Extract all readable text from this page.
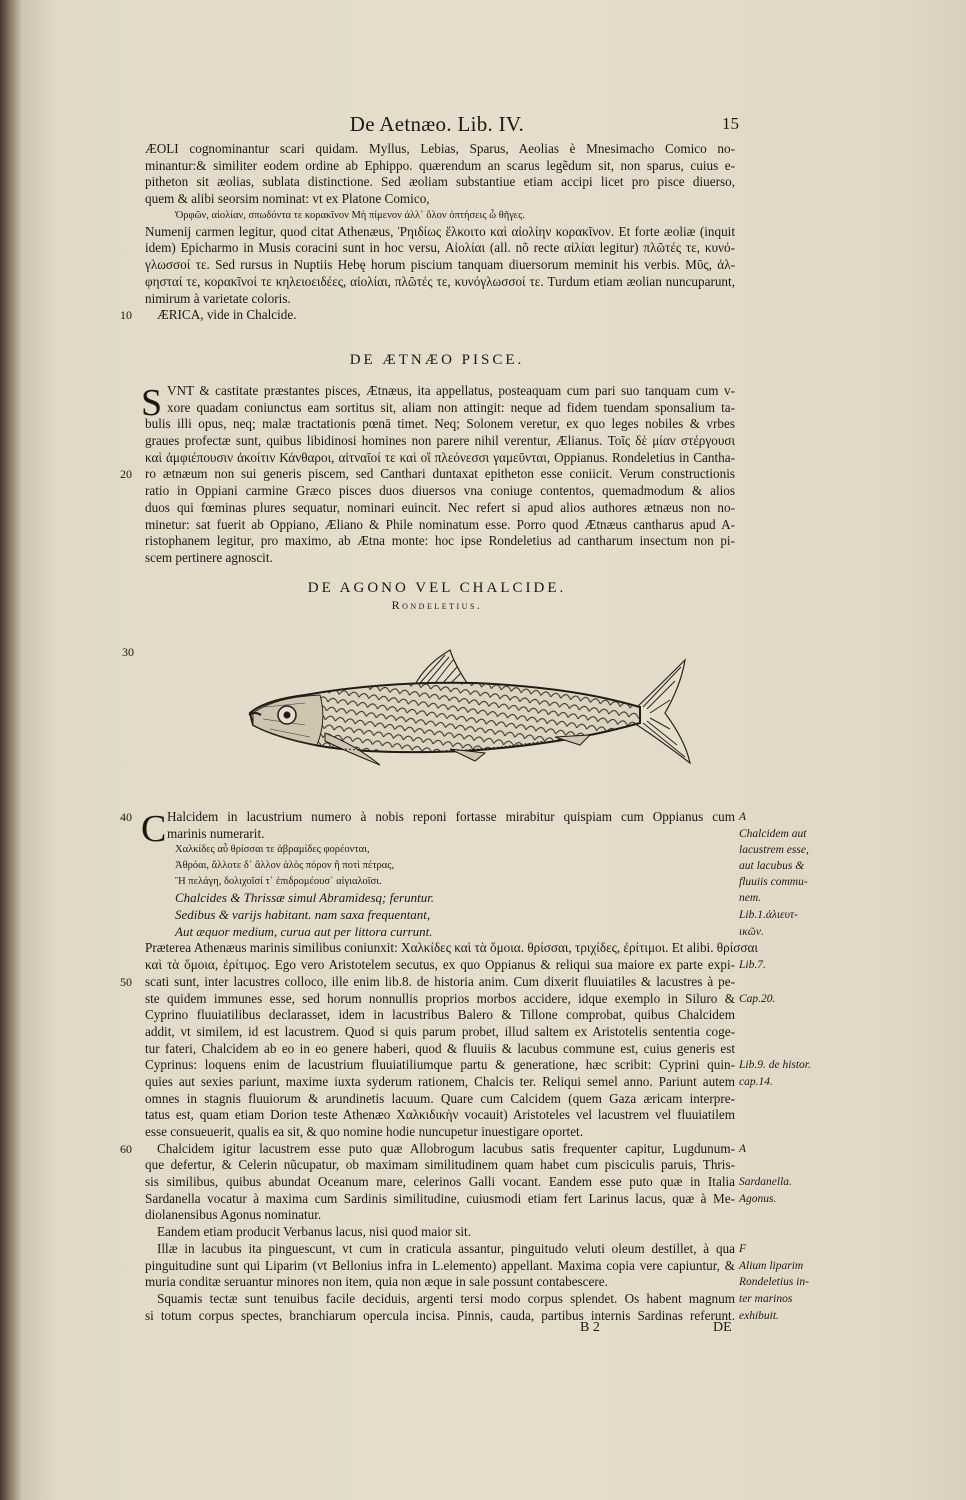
De Aetnæo. Lib. IV.	15
ÆOLI cognominantur scari quidam. Myllus, Lebias, Sparus, Aeolias è Mnesimacho Comico no-
minantur:& similiter eodem ordine ab Ephippo. quærendum an scarus legẽdum sit, non sparus, cuius e-
pitheton sit æolias, sublata distinctione. Sed æoliam substantiue etiam accipi licet pro pisce diuerso,
quem & alibi seorsim nominat: vt ex Platone Comico,
Ὀρφῶν, αἰολίαν, σπωδόντα τε κορακῖνον Μὴ πίμενον ἀλλ᾽ ὅλον ὀπτήσεις ὦ θῆγες.
Numenij carmen legitur, quod citat Athenæus, Ῥηιδίως ἕλκοιτο καὶ αἰολίην κορακῖνον. Et forte æoliæ (inquit
idem) Epicharmo in Musis coracini sunt in hoc versu, Αἰολίαι (all. nõ recte αἰλίαι legitur) πλῶτές τε, κυνό-
γλωσσοί τε. Sed rursus in Nuptiis Hebę horum piscium tanquam diuersorum meminit his verbis. Μῦς, ἀλ-
φησταί τε, κορακῖνοί τε κηλειοειδέες, αἰολίαι, πλῶτές τε, κυνόγλωσσοί τε. Turdum etiam æolian nuncuparunt,
nimirum à varietate coloris.
ÆRICA, vide in Chalcide.
10
DE ÆTNÆO PISCE.
S VNT & castitate præstantes pisces, Ætnæus, ita appellatus, posteaquam cum pari suo tanquam cum v-
xore quadam coniunctus eam sortitus sit, aliam non attingit: neque ad fidem tuendam sponsalium ta-
bulis illi opus, neq; malæ tractationis pœnā timet. Neq; Solonem veretur, ex quo leges nobiles & vrbes
graues profectæ sunt, quibus libidinosi homines non parere nihil verentur, Ælianus. Τοῖς δὲ μίαν στέργουσι
καὶ ἀμφιέπουσιν ἀκοίτιν Κάνθαροι, αἰτναῖοί τε καὶ οἳ πλεόνεσσι γαμεῦνται, Oppianus. Rondeletius in Cantha-
ro ætnæum non sui generis piscem, sed Canthari duntaxat epitheton esse coniicit. Verum constructionis
20
ratio in Oppiani carmine Græco pisces duos diuersos vna coniuge contentos, quemadmodum & alios
duos qui fœminas plures sequatur, nominari euincit. Nec refert si apud alios authores ætnæus non no-
minetur: sat fuerit ab Oppiano, Æliano & Phile nominatum esse. Porro quod Ætnæus cantharus apud A-
ristophanem legitur, pro maximo, ab Ætna monte: hoc ipse Rondeletius ad cantharum insectum non pi-
scem pertinere agnoscit.
DE AGONO VEL CHALCIDE.
Rondeletius.
30
C Halcidem in lacustrium numero à nobis reponi fortasse mirabitur quispiam cum Oppianus cum
40	A
marinis numerarit.	Chalcidem aut
Χαλκίδες αὖ θρίσσαι τε ἀβραμίδες φορέονται,	lacustrem esse,
Ἀθρόαι, ἄλλοτε δ᾽ ἄλλον ἁλὸς πόρον ἢ ποτὶ πέτρας,	aut lacubus &
Ἢ πελάγη, δολιχοῖσί τ᾽ ἐπιδρομέουσ᾽ αἰγιαλοῖσι.	fluuiis commu-
Chalcides & Thrissæ simul Abramidesq; feruntur.	nem.
Sedibus & varijs habitant. nam saxa frequentant,	Lib.1.ἁλιευτ-
Aut æquor medium, curua aut per littora currunt.	ικῶν.
Præterea Athenæus marinis similibus coniunxit: Χαλκίδες καὶ τὰ ὅμοια. θρίσσαι, τριχίδες, ἐρίτιμοι. Et alibi. θρίσσαι
καὶ τὰ ὅμοια, ἐρίτιμος. Ego vero Aristotelem secutus, ex quo Oppianus & reliqui sua maiore ex parte expi- Lib.7.
scati sunt, inter lacustres colloco, ille enim lib.8. de historia anim. Cum dixerit fluuiatiles & lacustres à pe-
50
ste quidem immunes esse, sed horum nonnullis proprios morbos accidere, idque exemplo in Siluro & Cap.20.
Cyprino fluuiatilibus declarasset, idem in lacustribus Balero & Tillone comprobat, quibus Chalcidem
addit, vt similem, id est lacustrem. Quod si quis parum probet, illud saltem ex Aristotelis sententia coge-
tur fateri, Chalcidem ab eo in eo genere haberi, quod & fluuiis & lacubus commune est, cuius generis est
Cyprinus: loquens enim de lacustrium fluuiatiliumque partu & generatione, hæc scribit: Cyprini quin- Lib.9. de histor.
quies aut sexies pariunt, maxime iuxta syderum rationem, Chalcis ter. Reliqui semel anno. Pariunt autem cap.14.
omnes in stagnis fluuiorum & arundinetis lacuum. Quare cum Calcidem (quem Gaza æricam interpre-
tatus est, quam etiam Dorion teste Athenæo Χαλκιδικὴν vocauit) Aristoteles vel lacustrem vel fluuiatilem
esse consueuerit, qualis ea sit, & quo nomine hodie nuncupetur inuestigare oportet.
Chalcidem igitur lacustrem esse puto quæ Allobrogum lacubus satis frequenter capitur, Lugdunum-
60	A
que defertur, & Celerin nũcupatur, ob maximam similitudinem quam habet cum pisciculis paruis, Thris-
sis similibus, quibus abundat Oceanum mare, celerinos Galli vocant. Eandem esse puto quæ in Italia Sardanella.
Sardanella vocatur à maxima cum Sardinis similitudine, cuiusmodi etiam fert Larinus lacus, quæ à Me- Agonus.
diolanensibus Agonus nominatur.
Eandem etiam producit Verbanus lacus, nisi quod maior sit.
Illæ in lacubus ita pinguescunt, vt cum in craticula assantur, pinguitudo veluti oleum destillet, à qua F
pinguitudine sunt qui Liparim (vt Bellonius infra in L.elemento) appellant. Maxima copia vere capiuntur, & Alium liparim
muria conditæ seruantur minores non item, quia non æque in sale possunt contabescere.	Rondeletius in-
Squamis tectæ sunt tenuibus facile deciduis, argenti tersi modo corpus splendet. Os habent magnum ter marinos
si totum corpus spectes, branchiarum opercula incisa. Pinnis, cauda, partibus internis Sardinas referunt. exhibuit.
B 2	DE
